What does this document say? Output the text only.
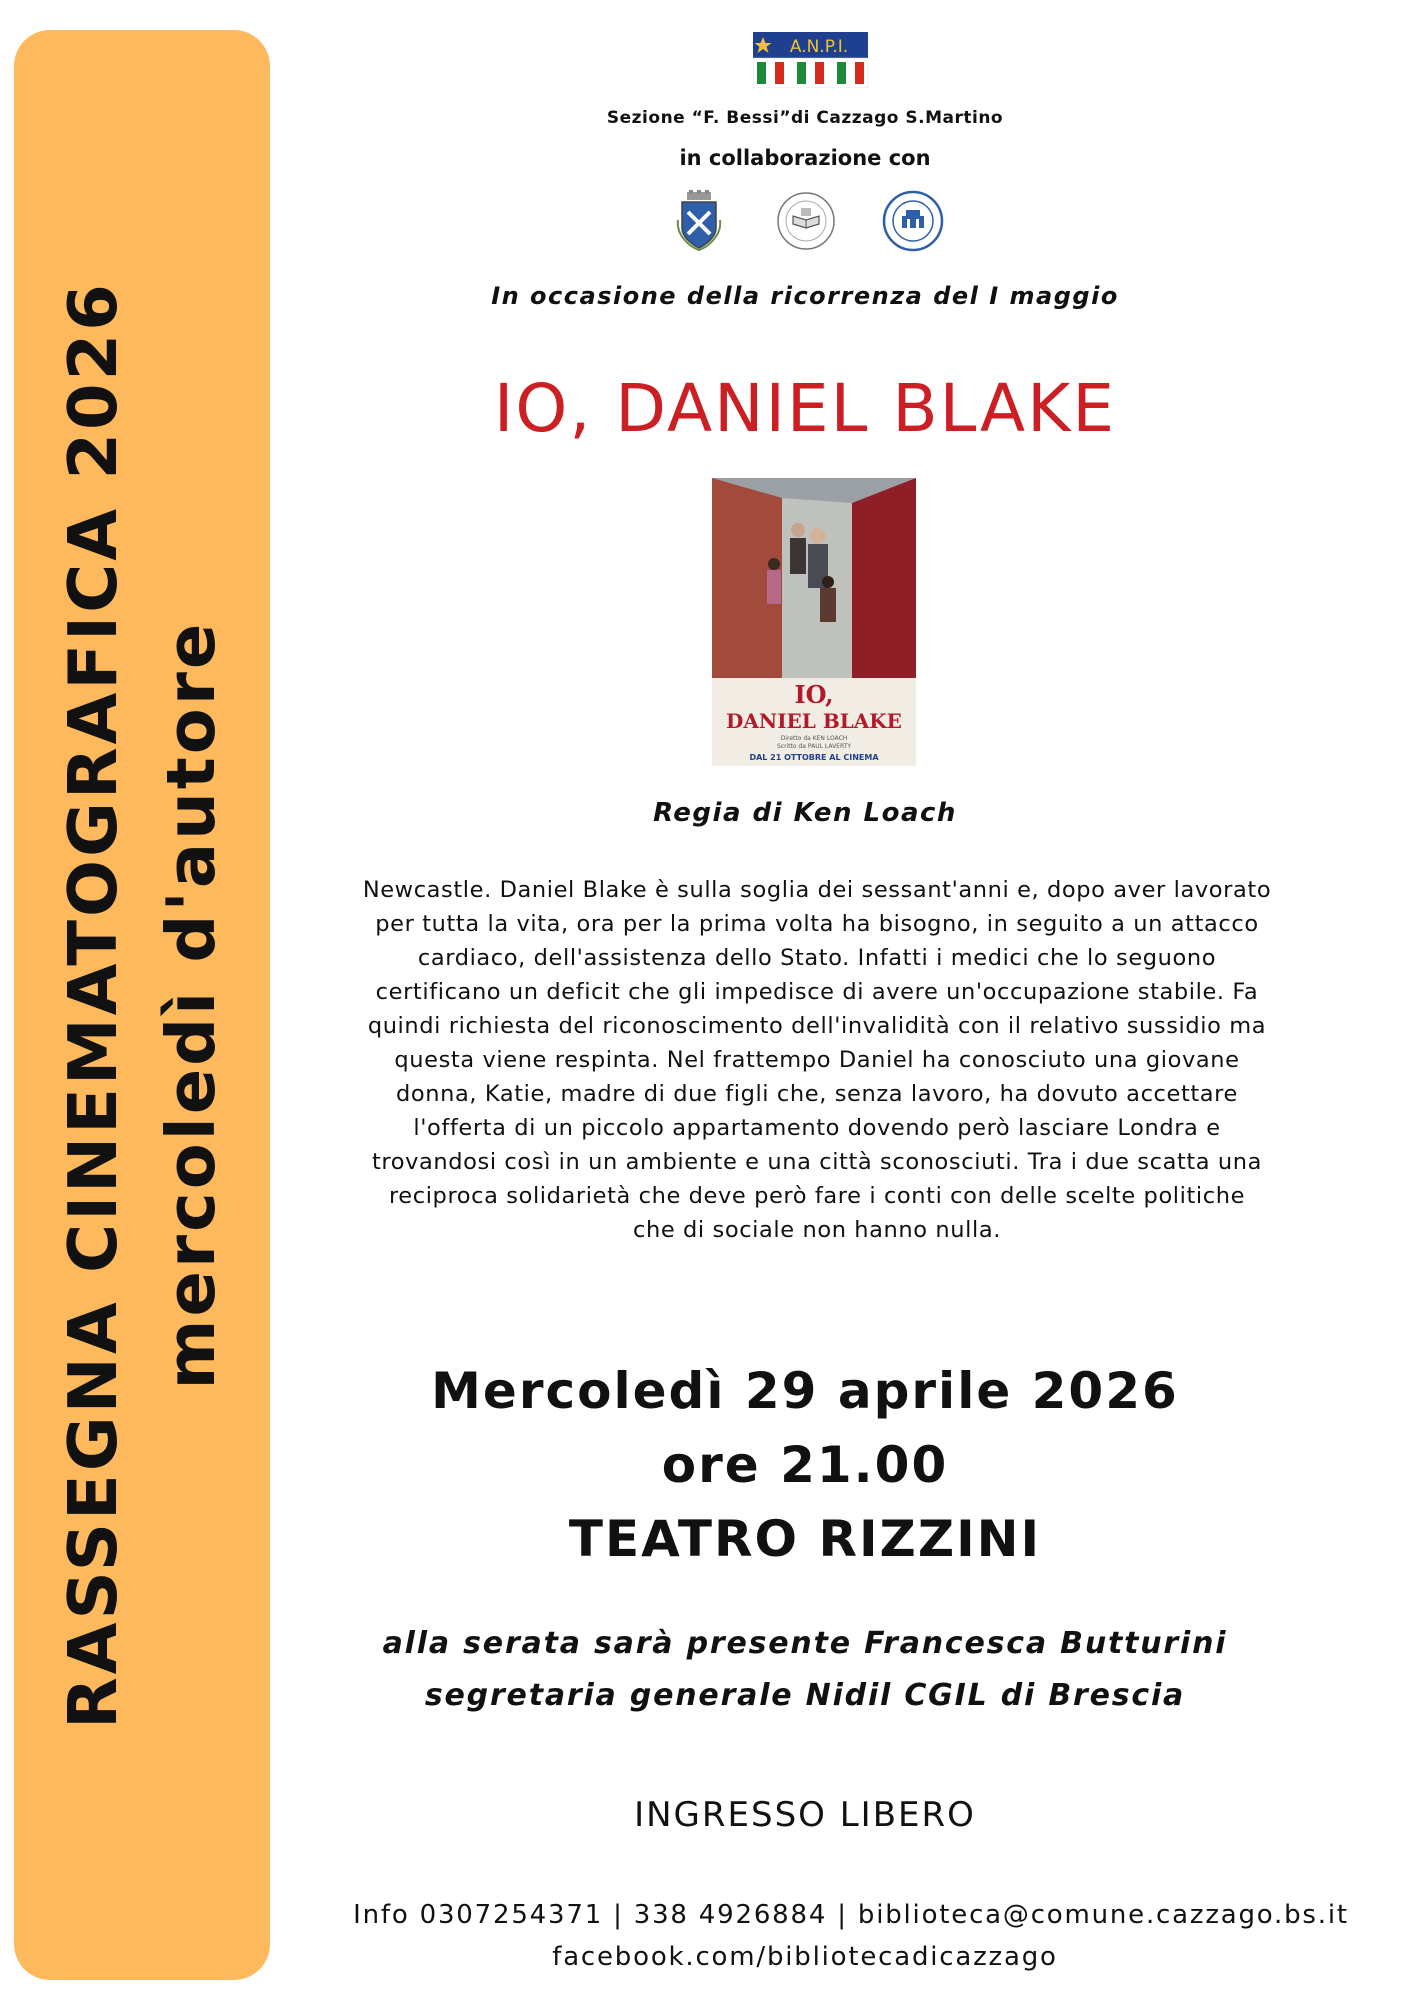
RASSEGNA CINEMATOGRAFICA 2026 mercoledì d'autore
A.N.P.I.
Sezione “F. Bessi”di Cazzago S.Martino
in collaborazione con
In occasione della ricorrenza del I maggio
IO, DANIEL BLAKE
IO,
DANIEL BLAKE
Diretto da KEN LOACH
Scritto da PAUL LAVERTY
DAL 21 OTTOBRE AL CINEMA
Regia di Ken Loach

Newcastle. Daniel Blake è sulla soglia dei sessant'anni e, dopo aver lavorato

per tutta la vita, ora per la prima volta ha bisogno, in seguito a un attacco

cardiaco, dell'assistenza dello Stato. Infatti i medici che lo seguono

certificano un deficit che gli impedisce di avere un'occupazione stabile. Fa

quindi richiesta del riconoscimento dell'invalidità con il relativo sussidio ma

questa viene respinta. Nel frattempo Daniel ha conosciuto una giovane

donna, Katie, madre di due figli che, senza lavoro, ha dovuto accettare

l'offerta di un piccolo appartamento dovendo però lasciare Londra e

trovandosi così in un ambiente e una città sconosciuti. Tra i due scatta una

reciproca solidarietà che deve però fare i conti con delle scelte politiche

che di sociale non hanno nulla.

Mercoledì 29 aprile 2026
ore 21.00
TEATRO RIZZINI
alla serata sarà presente Francesca Butturini
segretaria generale Nidil CGIL di Brescia
INGRESSO LIBERO
Info 0307254371 | 338 4926884 | biblioteca@comune.cazzago.bs.it
facebook.com/bibliotecadicazzago
